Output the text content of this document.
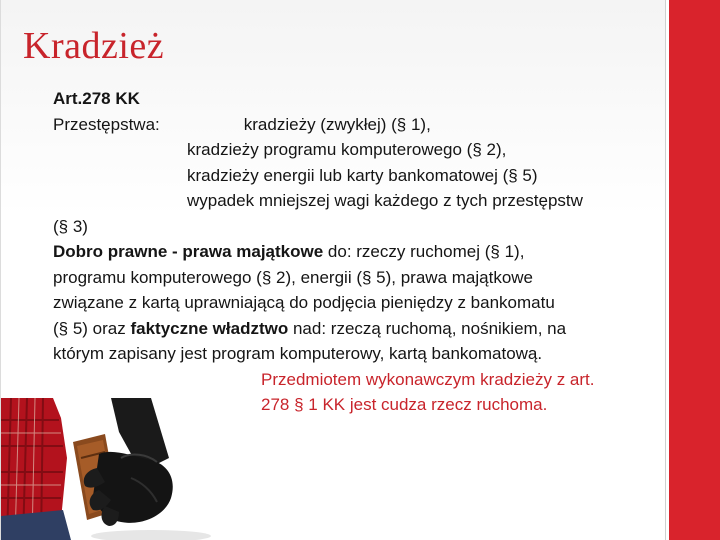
Kradzież
Art.278 KK
Przestępstwa:	kradzieży (zwykłej) (§ 1),
kradzieży programu komputerowego (§ 2),
kradzieży energii lub karty bankomatowej (§ 5)
wypadek mniejszej wagi każdego z tych przestępstw
(§ 3)
Dobro prawne - prawa majątkowe do: rzeczy ruchomej (§ 1),
programu komputerowego (§ 2), energii (§ 5), prawa majątkowe
związane z kartą uprawniającą do podjęcia pieniędzy z bankomatu
(§ 5) oraz faktyczne władztwo nad: rzeczą ruchomą, nośnikiem, na
którym zapisany jest program komputerowy, kartą bankomatową.
Przedmiotem wykonawczym kradzieży z art.
278 § 1 KK jest cudza rzecz ruchoma.
